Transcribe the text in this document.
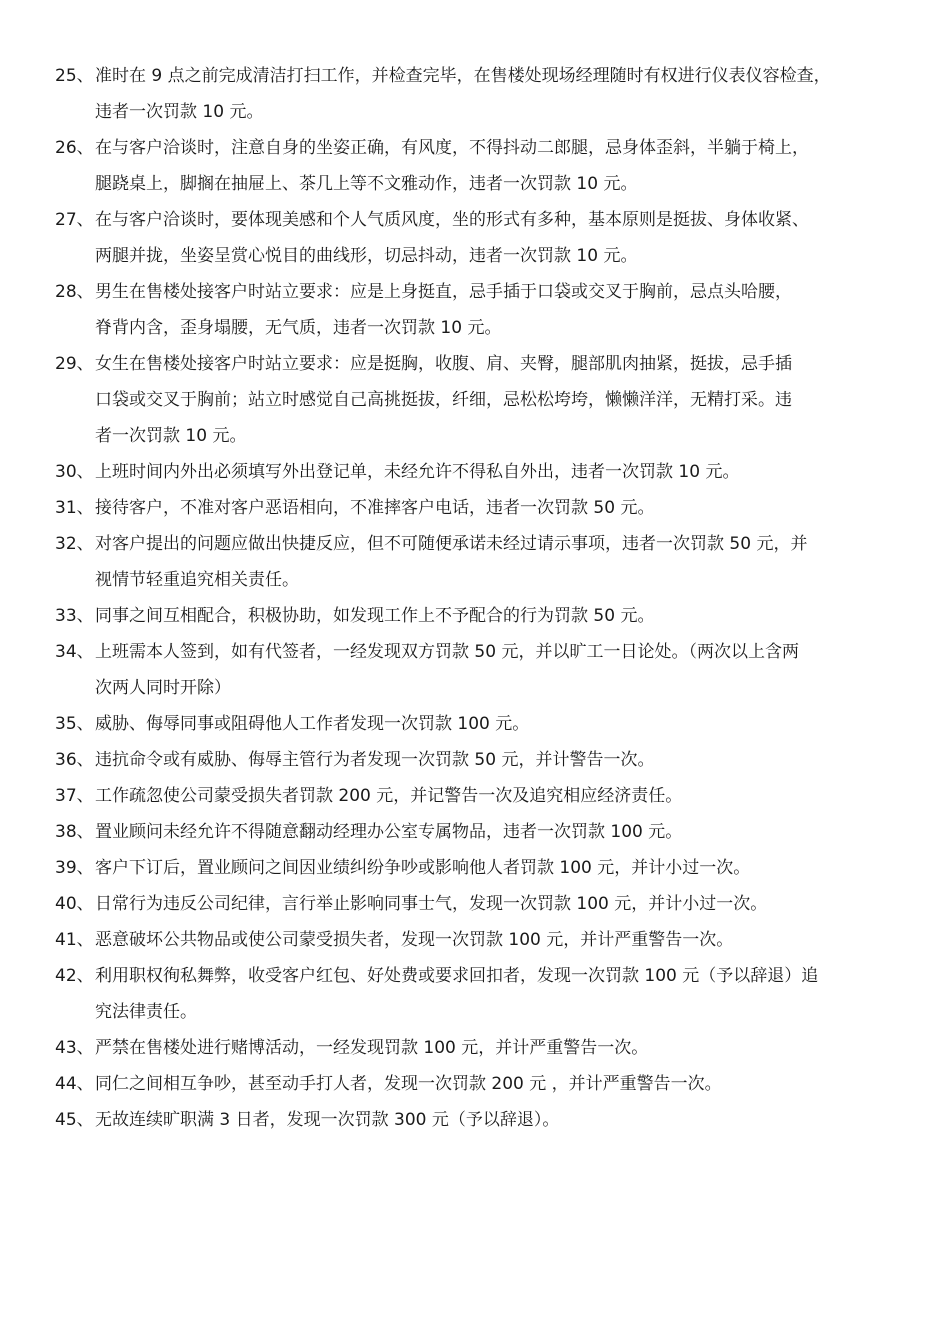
25、准时在 9 点之前完成清洁打扫工作，并检查完毕，在售楼处现场经理随时有权进行仪表仪容检查，
违者一次罚款 10 元。
26、在与客户洽谈时，注意自身的坐姿正确，有风度，不得抖动二郎腿，忌身体歪斜，半躺于椅上，
腿跷桌上，脚搁在抽屉上、茶几上等不文雅动作，违者一次罚款 10 元。
27、在与客户洽谈时，要体现美感和个人气质风度，坐的形式有多种，基本原则是挺拔、身体收紧、
两腿并拢，坐姿呈赏心悦目的曲线形，切忌抖动，违者一次罚款 10 元。
28、男生在售楼处接客户时站立要求：应是上身挺直，忌手插于口袋或交叉于胸前，忌点头哈腰，
脊背内含，歪身塌腰，无气质，违者一次罚款 10 元。
29、女生在售楼处接客户时站立要求：应是挺胸，收腹、肩、夹臀，腿部肌肉抽紧，挺拔，忌手插
口袋或交叉于胸前；站立时感觉自己高挑挺拔，纤细，忌松松垮垮，懒懒洋洋，无精打采。违
者一次罚款 10 元。
30、上班时间内外出必须填写外出登记单，未经允许不得私自外出，违者一次罚款 10 元。
31、接待客户，不准对客户恶语相向，不准摔客户电话，违者一次罚款 50 元。
32、对客户提出的问题应做出快捷反应，但不可随便承诺未经过请示事项，违者一次罚款 50 元，并
视情节轻重追究相关责任。
33、同事之间互相配合，积极协助，如发现工作上不予配合的行为罚款 50 元。
34、上班需本人签到，如有代签者，一经发现双方罚款 50 元，并以旷工一日论处。（两次以上含两
次两人同时开除）
35、威胁、侮辱同事或阻碍他人工作者发现一次罚款 100 元。
36、违抗命令或有威胁、侮辱主管行为者发现一次罚款 50 元，并计警告一次。
37、工作疏忽使公司蒙受损失者罚款 200 元，并记警告一次及追究相应经济责任。
38、置业顾问未经允许不得随意翻动经理办公室专属物品，违者一次罚款 100 元。
39、客户下订后，置业顾问之间因业绩纠纷争吵或影响他人者罚款 100 元，并计小过一次。
40、日常行为违反公司纪律，言行举止影响同事士气，发现一次罚款 100 元，并计小过一次。
41、恶意破坏公共物品或使公司蒙受损失者，发现一次罚款 100 元，并计严重警告一次。
42、利用职权徇私舞弊，收受客户红包、好处费或要求回扣者，发现一次罚款 100 元（予以辞退）追
究法律责任。
43、严禁在售楼处进行赌博活动，一经发现罚款 100 元，并计严重警告一次。
44、同仁之间相互争吵，甚至动手打人者，发现一次罚款 200 元 ，并计严重警告一次。
45、无故连续旷职满 3 日者，发现一次罚款 300 元（予以辞退）。
